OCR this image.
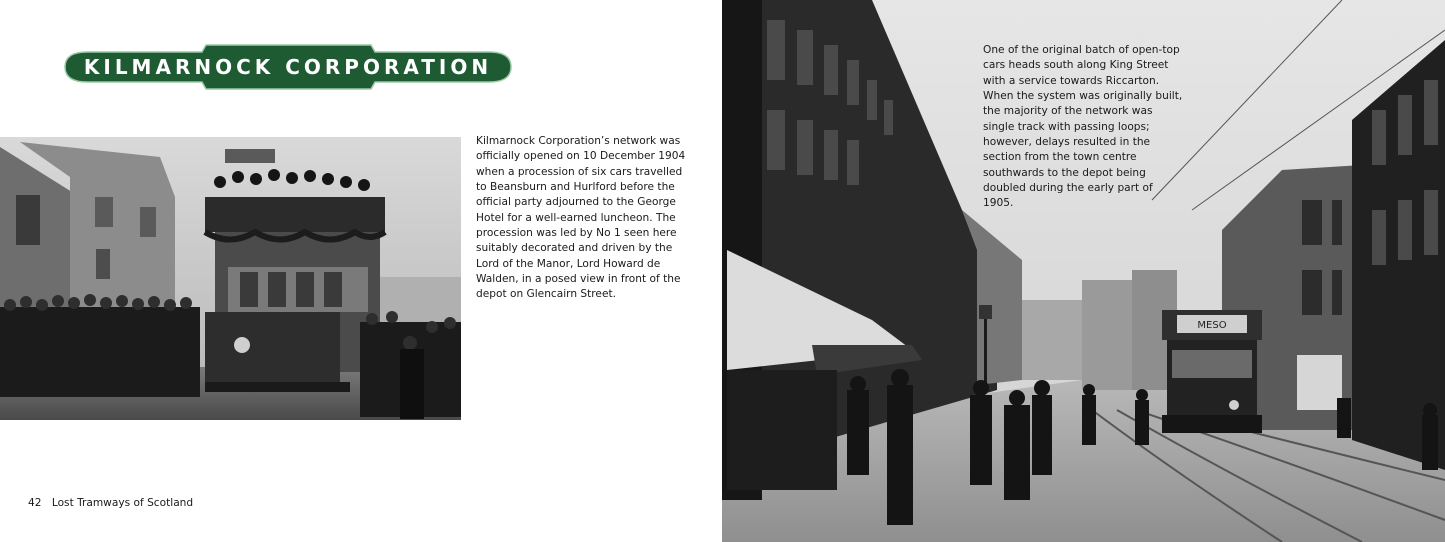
KILMARNOCK CORPORATION
Kilmarnock Corporation’s network was officially opened on 10 December 1904 when a procession of six cars travelled to Beansburn and Hurlford before the official party adjourned to the George Hotel for a well-earned luncheon. The procession was led by No 1 seen here suitably decorated and driven by the Lord of the Manor, Lord Howard de Walden, in a posed view in front of the depot on Glencairn Street.
42 Lost Tramways of Scotland
MESO
One of the original batch of open-top cars heads south along King Street with a service towards Riccarton. When the system was originally built, the majority of the network was single track with passing loops; however, delays resulted in the section from the town centre southwards to the depot being doubled during the early part of 1905.
